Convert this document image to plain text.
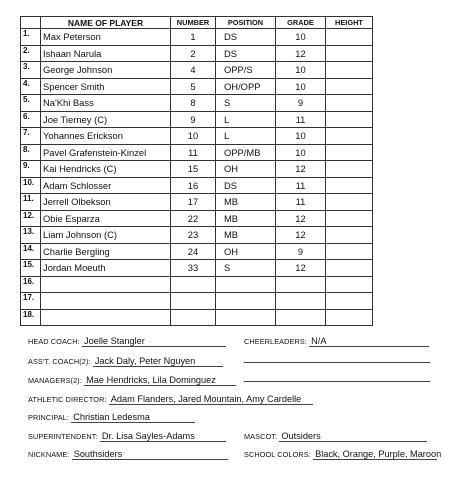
	NAME OF PLAYER	NUMBER	POSITION	GRADE	HEIGHT
1.	Max Peterson	1	DS	10	
2.	Ishaan Narula	2	DS	12	
3.	George Johnson	4	OPP/S	10	
4.	Spencer Smith	5	OH/OPP	10	
5.	Na'Khi Bass	8	S	9	
6.	Joe Tierney (C)	9	L	11	
7.	Yohannes Erickson	10	L	10	
8.	Pavel Grafenstein-Kinzel	11	OPP/MB	10	
9.	Kai Hendricks (C)	15	OH	12	
10.	Adam Schlosser	16	DS	11	
11.	Jerrell Olbekson	17	MB	11	
12.	Obie Esparza	22	MB	12	
13.	Liam Johnson (C)	23	MB	12	
14.	Charlie Bergling	24	OH	9	
15.	Jordan Moeuth	33	S	12	
16.					
17.					
18.					
HEAD COACH: Joelle Stangler	CHEERLEADERS: N/A
ASS'T. COACH(2): Jack Daly, Peter Nguyen
MANAGERS(2): Mae Hendricks, Lila Dominguez
ATHLETIC DIRECTOR: Adam Flanders, Jared Mountain, Amy Cardelle
PRINCIPAL: Christian Ledesma
SUPERINTENDENT: Dr. Lisa Sayles-Adams	MASCOT: Outsiders
NICKNAME: Southsiders	SCHOOL COLORS: Black, Orange, Purple, Maroon
